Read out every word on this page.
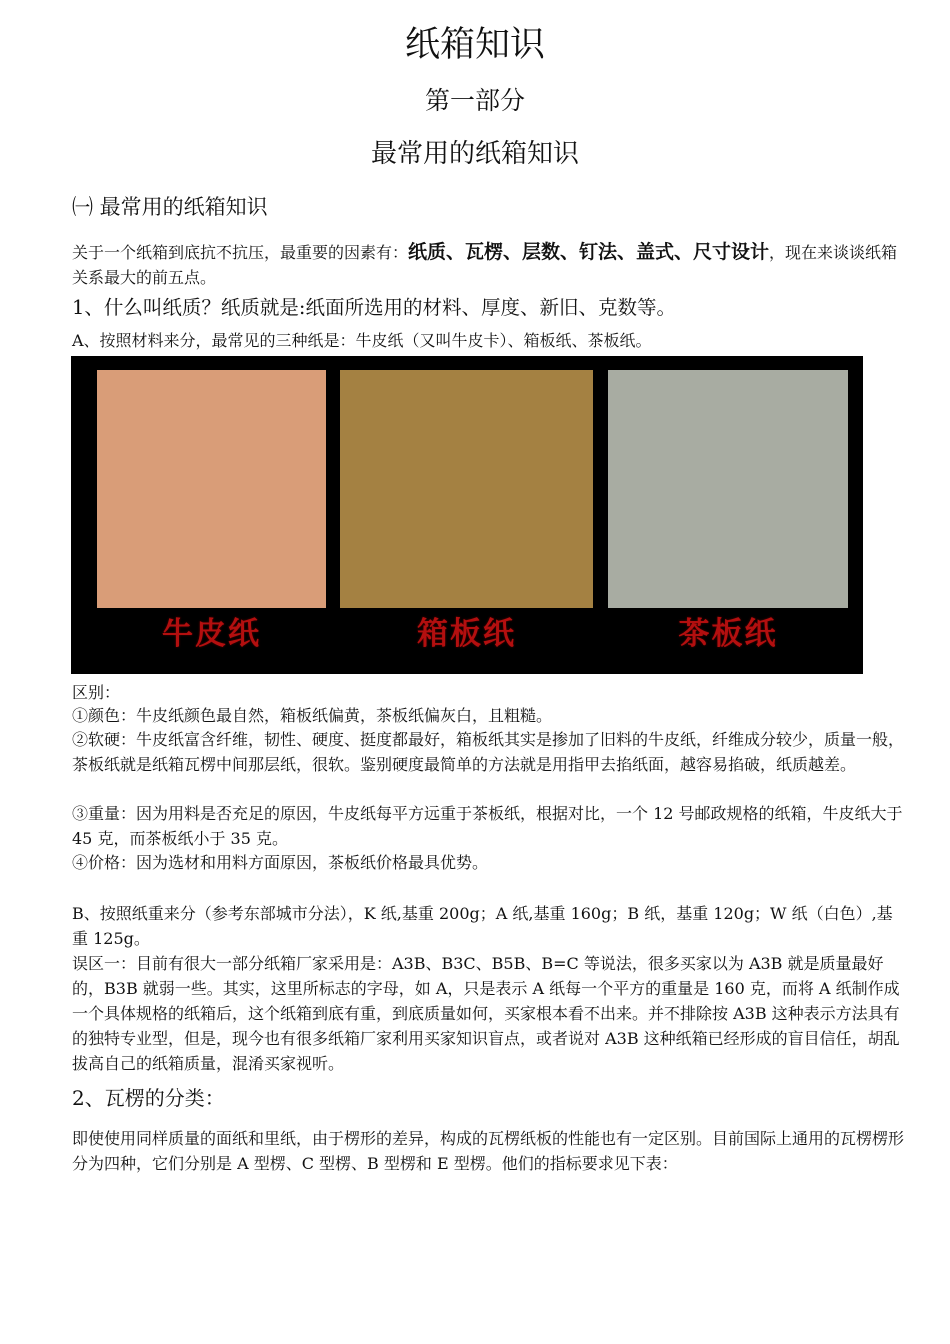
纸箱知识
第一部分
最常用的纸箱知识
㈠ 最常用的纸箱知识

关于一个纸箱到底抗不抗压，最重要的因素有：纸质、瓦楞、层数、钉法、盖式、尺寸设计，现在来谈谈纸箱关系最大的前五点。

1、什么叫纸质？纸质就是:纸面所选用的材料、厚度、新旧、克数等。

A、按照材料来分，最常见的三种纸是：牛皮纸（又叫牛皮卡）、箱板纸、茶板纸。

牛皮纸	箱板纸	茶板纸

区别：

①颜色：牛皮纸颜色最自然，箱板纸偏黄，茶板纸偏灰白，且粗糙。

②软硬：牛皮纸富含纤维，韧性、硬度、挺度都最好，箱板纸其实是掺加了旧料的牛皮纸，纤维成分较少，质量一般，茶板纸就是纸箱瓦楞中间那层纸，很软。鉴别硬度最简单的方法就是用指甲去掐纸面，越容易掐破，纸质越差。

③重量：因为用料是否充足的原因，牛皮纸每平方远重于茶板纸，根据对比，一个 12 号邮政规格的纸箱，牛皮纸大于 45 克，而茶板纸小于 35 克。

④价格：因为选材和用料方面原因，茶板纸价格最具优势。

B、按照纸重来分（参考东部城市分法），K 纸,基重 200g；A 纸,基重 160g；B 纸，基重 120g；W 纸（白色）,基重 125g。

误区一：目前有很大一部分纸箱厂家采用是：A3B、B3C、B5B、B=C 等说法，很多买家以为 A3B 就是质量最好的，B3B 就弱一些。其实，这里所标志的字母，如 A，只是表示 A 纸每一个平方的重量是 160 克，而将 A 纸制作成一个具体规格的纸箱后，这个纸箱到底有重，到底质量如何，买家根本看不出来。并不排除按 A3B 这种表示方法具有的独特专业型，但是，现今也有很多纸箱厂家利用买家知识盲点，或者说对 A3B 这种纸箱已经形成的盲目信任，胡乱拔高自己的纸箱质量，混淆买家视听。

2、瓦楞的分类：

即使使用同样质量的面纸和里纸，由于楞形的差异，构成的瓦楞纸板的性能也有一定区别。目前国际上通用的瓦楞楞形分为四种，它们分别是 A 型楞、C 型楞、B 型楞和 E 型楞。他们的指标要求见下表：
